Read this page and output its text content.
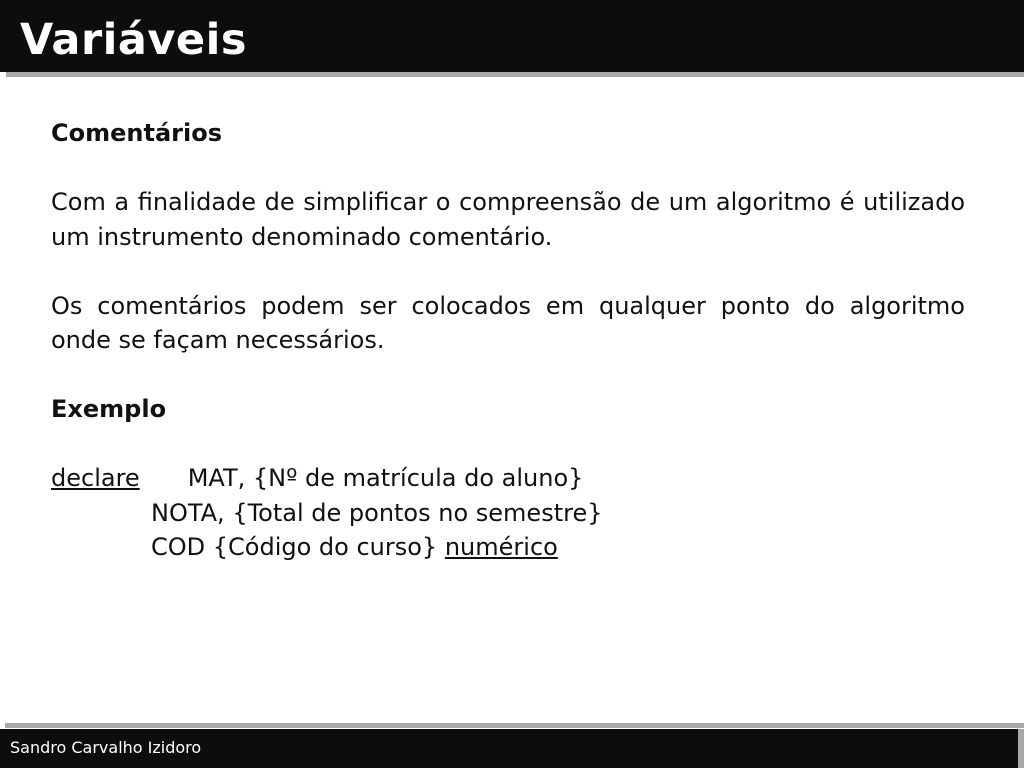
Variáveis

Comentários

Com a finalidade de simplificar o compreensão de um algoritmo é utilizado um instrumento denominado comentário.

Os comentários podem ser colocados em qualquer ponto do algoritmo onde se façam necessários.

Exemplo

declare MAT, {Nº de matrícula do aluno}

NOTA, {Total de pontos no semestre}

COD {Código do curso} numérico

Sandro Carvalho Izidoro
